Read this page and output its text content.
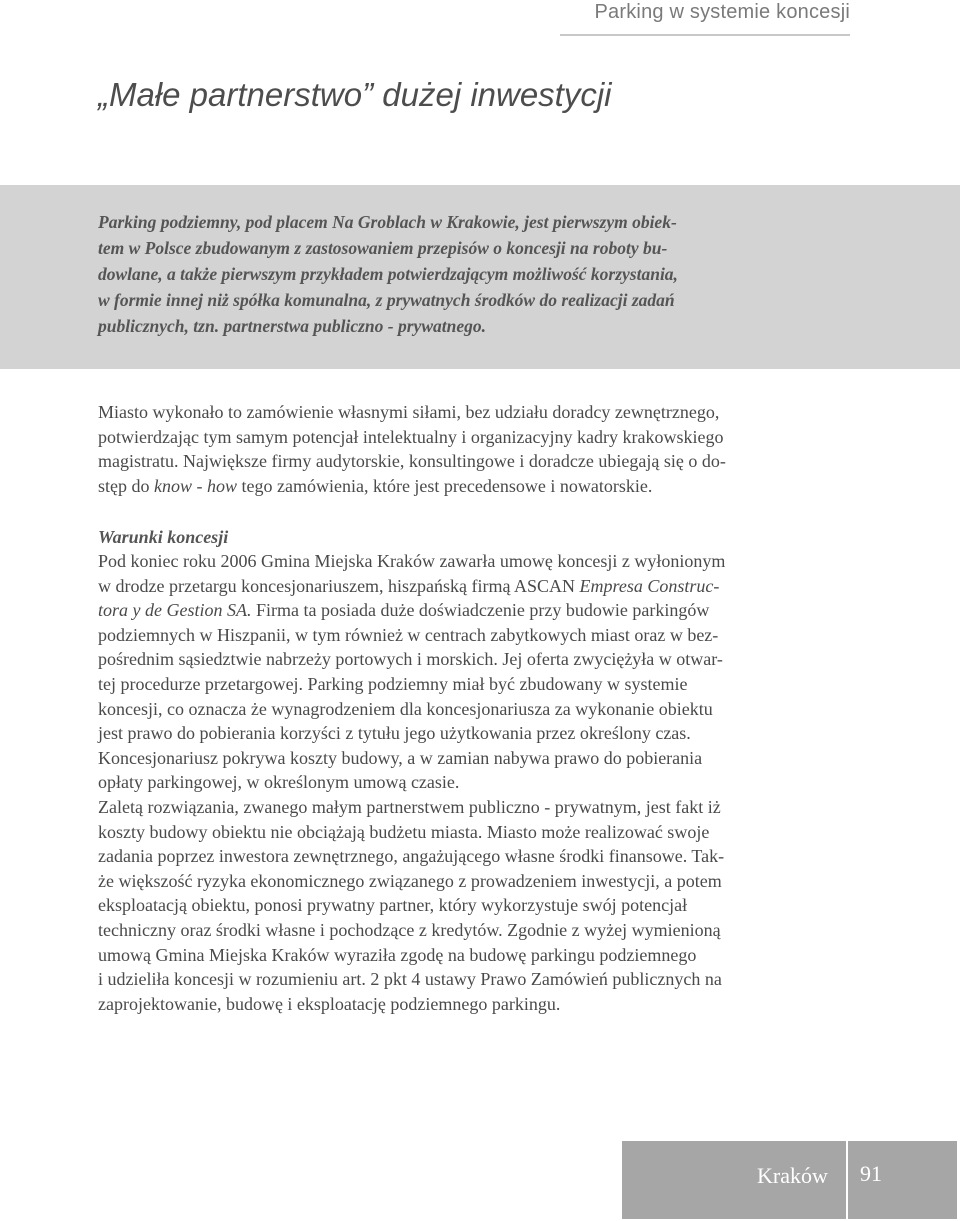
Parking w systemie koncesji
„Małe partnerstwo” dużej inwestycji

Parking podziemny, pod placem Na Groblach w Krakowie, jest pierwszym obiek-
tem w Polsce zbudowanym z zastosowaniem przepisów o koncesji na roboty bu-
dowlane, a także pierwszym przykładem potwierdzającym możliwość korzystania,
w formie innej niż spółka komunalna, z prywatnych środków do realizacji zadań
publicznych, tzn. partnerstwa publiczno - prywatnego.

Miasto wykonało to zamówienie własnymi siłami, bez udziału doradcy zewnętrznego,
potwierdzając tym samym potencjał intelektualny i organizacyjny kadry krakowskiego
magistratu. Największe firmy audytorskie, konsultingowe i doradcze ubiegają się o do-
stęp do know - how tego zamówienia, które jest precedensowe i nowatorskie.

Warunki koncesji

Pod koniec roku 2006 Gmina Miejska Kraków zawarła umowę koncesji z wyłonionym
w drodze przetargu koncesjonariuszem, hiszpańską firmą ASCAN Empresa Construc-
tora y de Gestion SA. Firma ta posiada duże doświadczenie przy budowie parkingów
podziemnych w Hiszpanii, w tym również w centrach zabytkowych miast oraz w bez-
pośrednim sąsiedztwie nabrzeży portowych i morskich. Jej oferta zwyciężyła w otwar-
tej procedurze przetargowej. Parking podziemny miał być zbudowany w systemie
koncesji, co oznacza że wynagrodzeniem dla koncesjonariusza za wykonanie obiektu
jest prawo do pobierania korzyści z tytułu jego użytkowania przez określony czas.
Koncesjonariusz pokrywa koszty budowy, a w zamian nabywa prawo do pobierania
opłaty parkingowej, w określonym umową czasie.
Zaletą rozwiązania, zwanego małym partnerstwem publiczno - prywatnym, jest fakt iż
koszty budowy obiektu nie obciążają budżetu miasta. Miasto może realizować swoje
zadania poprzez inwestora zewnętrznego, angażującego własne środki finansowe. Tak-
że większość ryzyka ekonomicznego związanego z prowadzeniem inwestycji, a potem
eksploatacją obiektu, ponosi prywatny partner, który wykorzystuje swój potencjał
techniczny oraz środki własne i pochodzące z kredytów. Zgodnie z wyżej wymienioną
umową Gmina Miejska Kraków wyraziła zgodę na budowę parkingu podziemnego
i udzieliła koncesji w rozumieniu art. 2 pkt 4 ustawy Prawo Zamówień publicznych na
zaprojektowanie, budowę i eksploatację podziemnego parkingu.

Kraków 91
